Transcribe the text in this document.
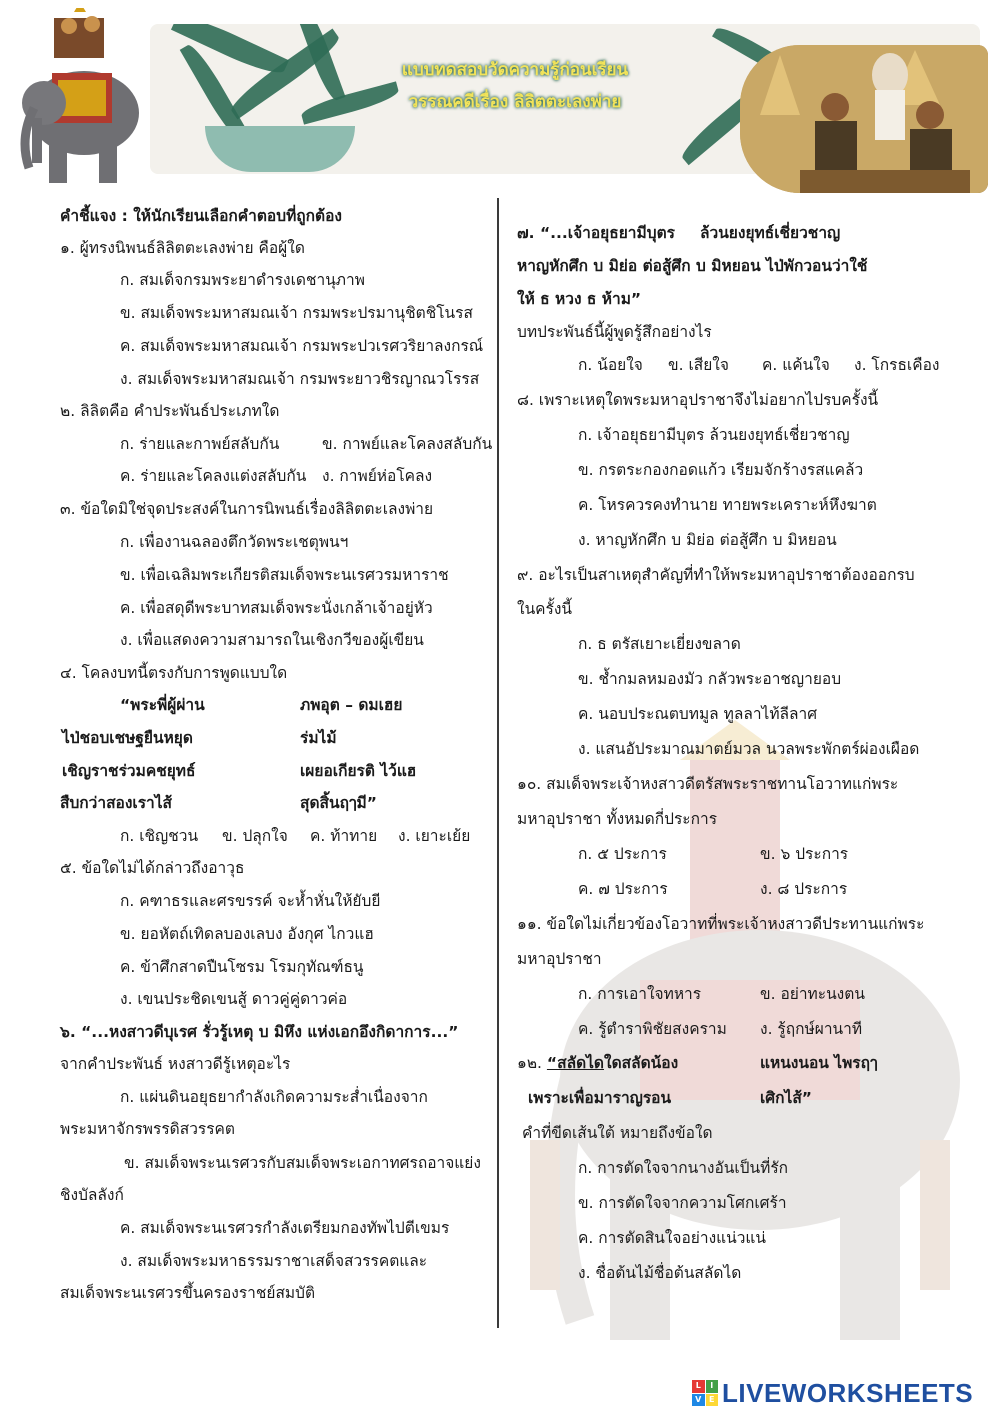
แบบทดสอบวัดความรู้ก่อนเรียน
วรรณคดีเรื่อง ลิลิตตะเลงพ่าย
คำชี้แจง : ให้นักเรียนเลือกคำตอบที่ถูกต้อง
๑. ผู้ทรงนิพนธ์ลิลิตตะเลงพ่าย คือผู้ใด
ก. สมเด็จกรมพระยาดำรงเดชานุภาพ
ข. สมเด็จพระมหาสมณเจ้า กรมพระปรมานุชิตชิโนรส
ค. สมเด็จพระมหาสมณเจ้า กรมพระปวเรศวริยาลงกรณ์
ง. สมเด็จพระมหาสมณเจ้า กรมพระยาวชิรญาณวโรรส
๒. ลิลิตคือ คำประพันธ์ประเภทใด
ก. ร่ายและกาพย์สลับกัน	ข. กาพย์และโคลงสลับกัน
ค. ร่ายและโคลงแต่งสลับกัน ง. กาพย์ห่อโคลง
๓. ข้อใดมิใช่จุดประสงค์ในการนิพนธ์เรื่องลิลิตตะเลงพ่าย
ก. เพื่องานฉลองตึกวัดพระเชตุพนฯ
ข. เพื่อเฉลิมพระเกียรติสมเด็จพระนเรศวรมหาราช
ค. เพื่อสดุดีพระบาทสมเด็จพระนั่งเกล้าเจ้าอยู่หัว
ง. เพื่อแสดงความสามารถในเชิงกวีของผู้เขียน
๔. โคลงบทนี้ตรงกับการพูดแบบใด
“พระพี่ผู้ผ่าน	ภพอุต – ดมเฮย
ไป่ชอบเชษฐยืนหยุด	ร่มไม้
เชิญราชร่วมคชยุทธ์	เผยอเกียรติ ไว้แฮ
สืบกว่าสองเราไส้	สุดสิ้นฤๅมี”
ก. เชิญชวน ข. ปลุกใจ ค. ท้าทาย ง. เยาะเย้ย
๕. ข้อใดไม่ได้กล่าวถึงอาวุธ
ก. คฑาธรและศรขรรค์ จะห้ำหั่นให้ยับยี
ข. ยอหัตถ์เทิดลบองเลบง อังกุศ ไกวแฮ
ค. ข้าศึกสาดปืนโซรม โรมกุทัณฑ์ธนู
ง. เขนประชิดเขนสู้ ดาวคู่คู่ดาวค่อ
๖. “...หงสาวดีบุเรศ รั่วรู้เหตุ บ มิหึง แห่งเอกอึงกิดาการ...”
จากคำประพันธ์ หงสาวดีรู้เหตุอะไร
ก. แผ่นดินอยุธยากำลังเกิดความระส่ำเนื่องจาก
พระมหาจักรพรรดิสวรรคต
ข. สมเด็จพระนเรศวรกับสมเด็จพระเอกาทศรถอาจแย่ง
ชิงบัลลังก์
ค. สมเด็จพระนเรศวรกำลังเตรียมกองทัพไปตีเขมร
ง. สมเด็จพระมหาธรรมราชาเสด็จสวรรคตและ
สมเด็จพระนเรศวรขึ้นครองราชย์สมบัติ
๗. “...เจ้าอยุธยามีบุตร ล้วนยงยุทธ์เชี่ยวชาญ
หาญหักศึก บ มิย่อ ต่อสู้ศึก บ มิหยอน ไป่พักวอนว่าใช้
ให้ ธ หวง ธ ห้าม”
บทประพันธ์นี้ผู้พูดรู้สึกอย่างไร
ก. น้อยใจ ข. เสียใจ ค. แค้นใจ ง. โกรธเคือง
๘. เพราะเหตุใดพระมหาอุปราชาจึงไม่อยากไปรบครั้งนี้
ก. เจ้าอยุธยามีบุตร ล้วนยงยุทธ์เชี่ยวชาญ
ข. กรตระกองกอดแก้ว เรียมจักร้างรสแคล้ว
ค. โหรควรคงทำนาย ทายพระเคราะห์หึงฆาต
ง. หาญหักศึก บ มิย่อ ต่อสู้ศึก บ มิหยอน
๙. อะไรเป็นสาเหตุสำคัญที่ทำให้พระมหาอุปราชาต้องออกรบ
ในครั้งนี้
ก. ธ ตรัสเยาะเยี่ยงขลาด
ข. ช้ำกมลหมองมัว กลัวพระอาชญายอบ
ค. นอบประณตบทมูล ทูลลาไท้ลีลาศ
ง. แสนอัประมาณมาตย์มวล นวลพระพักตร์ผ่องเผือด
๑๐. สมเด็จพระเจ้าหงสาวดีตรัสพระราชทานโอวาทแก่พระ
มหาอุปราชา ทั้งหมดกี่ประการ
ก. ๕ ประการ	ข. ๖ ประการ
ค. ๗ ประการ	ง. ๘ ประการ
๑๑. ข้อใดไม่เกี่ยวข้องโอวาทที่พระเจ้าหงสาวดีประทานแก่พระ
มหาอุปราชา
ก. การเอาใจทหาร	ข. อย่าทะนงตน
ค. รู้ตำราพิชัยสงคราม ง. รู้ฤกษ์ผานาที
๑๒. “สลัดไดใดสลัดน้อง	แหนงนอน ไพรฤๅ
เพราะเพื่อมาราญรอน	เศิกไส้”
คำที่ขีดเส้นใต้ หมายถึงข้อใด
ก. การตัดใจจากนางอันเป็นที่รัก
ข. การตัดใจจากความโศกเศร้า
ค. การตัดสินใจอย่างแน่วแน่
ง. ชื่อต้นไม้ชื่อต้นสลัดได
L	I
V E LIVEWORKSHEETS
